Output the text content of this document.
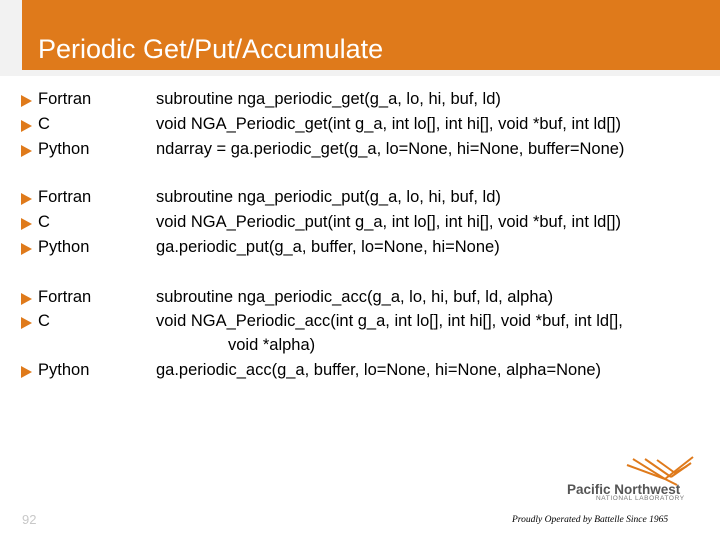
Periodic Get/Put/Accumulate
Fortran	subroutine nga_periodic_get(g_a, lo, hi, buf, ld)
C	void NGA_Periodic_get(int g_a, int lo[], int hi[], void *buf, int ld[])
Python	ndarray = ga.periodic_get(g_a, lo=None, hi=None, buffer=None)
Fortran	subroutine nga_periodic_put(g_a, lo, hi, buf, ld)
C	void NGA_Periodic_put(int g_a, int lo[], int hi[], void *buf, int ld[])
Python	ga.periodic_put(g_a, buffer, lo=None, hi=None)
Fortran	subroutine nga_periodic_acc(g_a, lo, hi, buf, ld, alpha)
C	void NGA_Periodic_acc(int g_a, int lo[], int hi[], void *buf, int ld[],
void *alpha)
Python	ga.periodic_acc(g_a, buffer, lo=None, hi=None, alpha=None)
92
Pacific Northwest
NATIONAL LABORATORY
Proudly Operated by Battelle Since 1965
